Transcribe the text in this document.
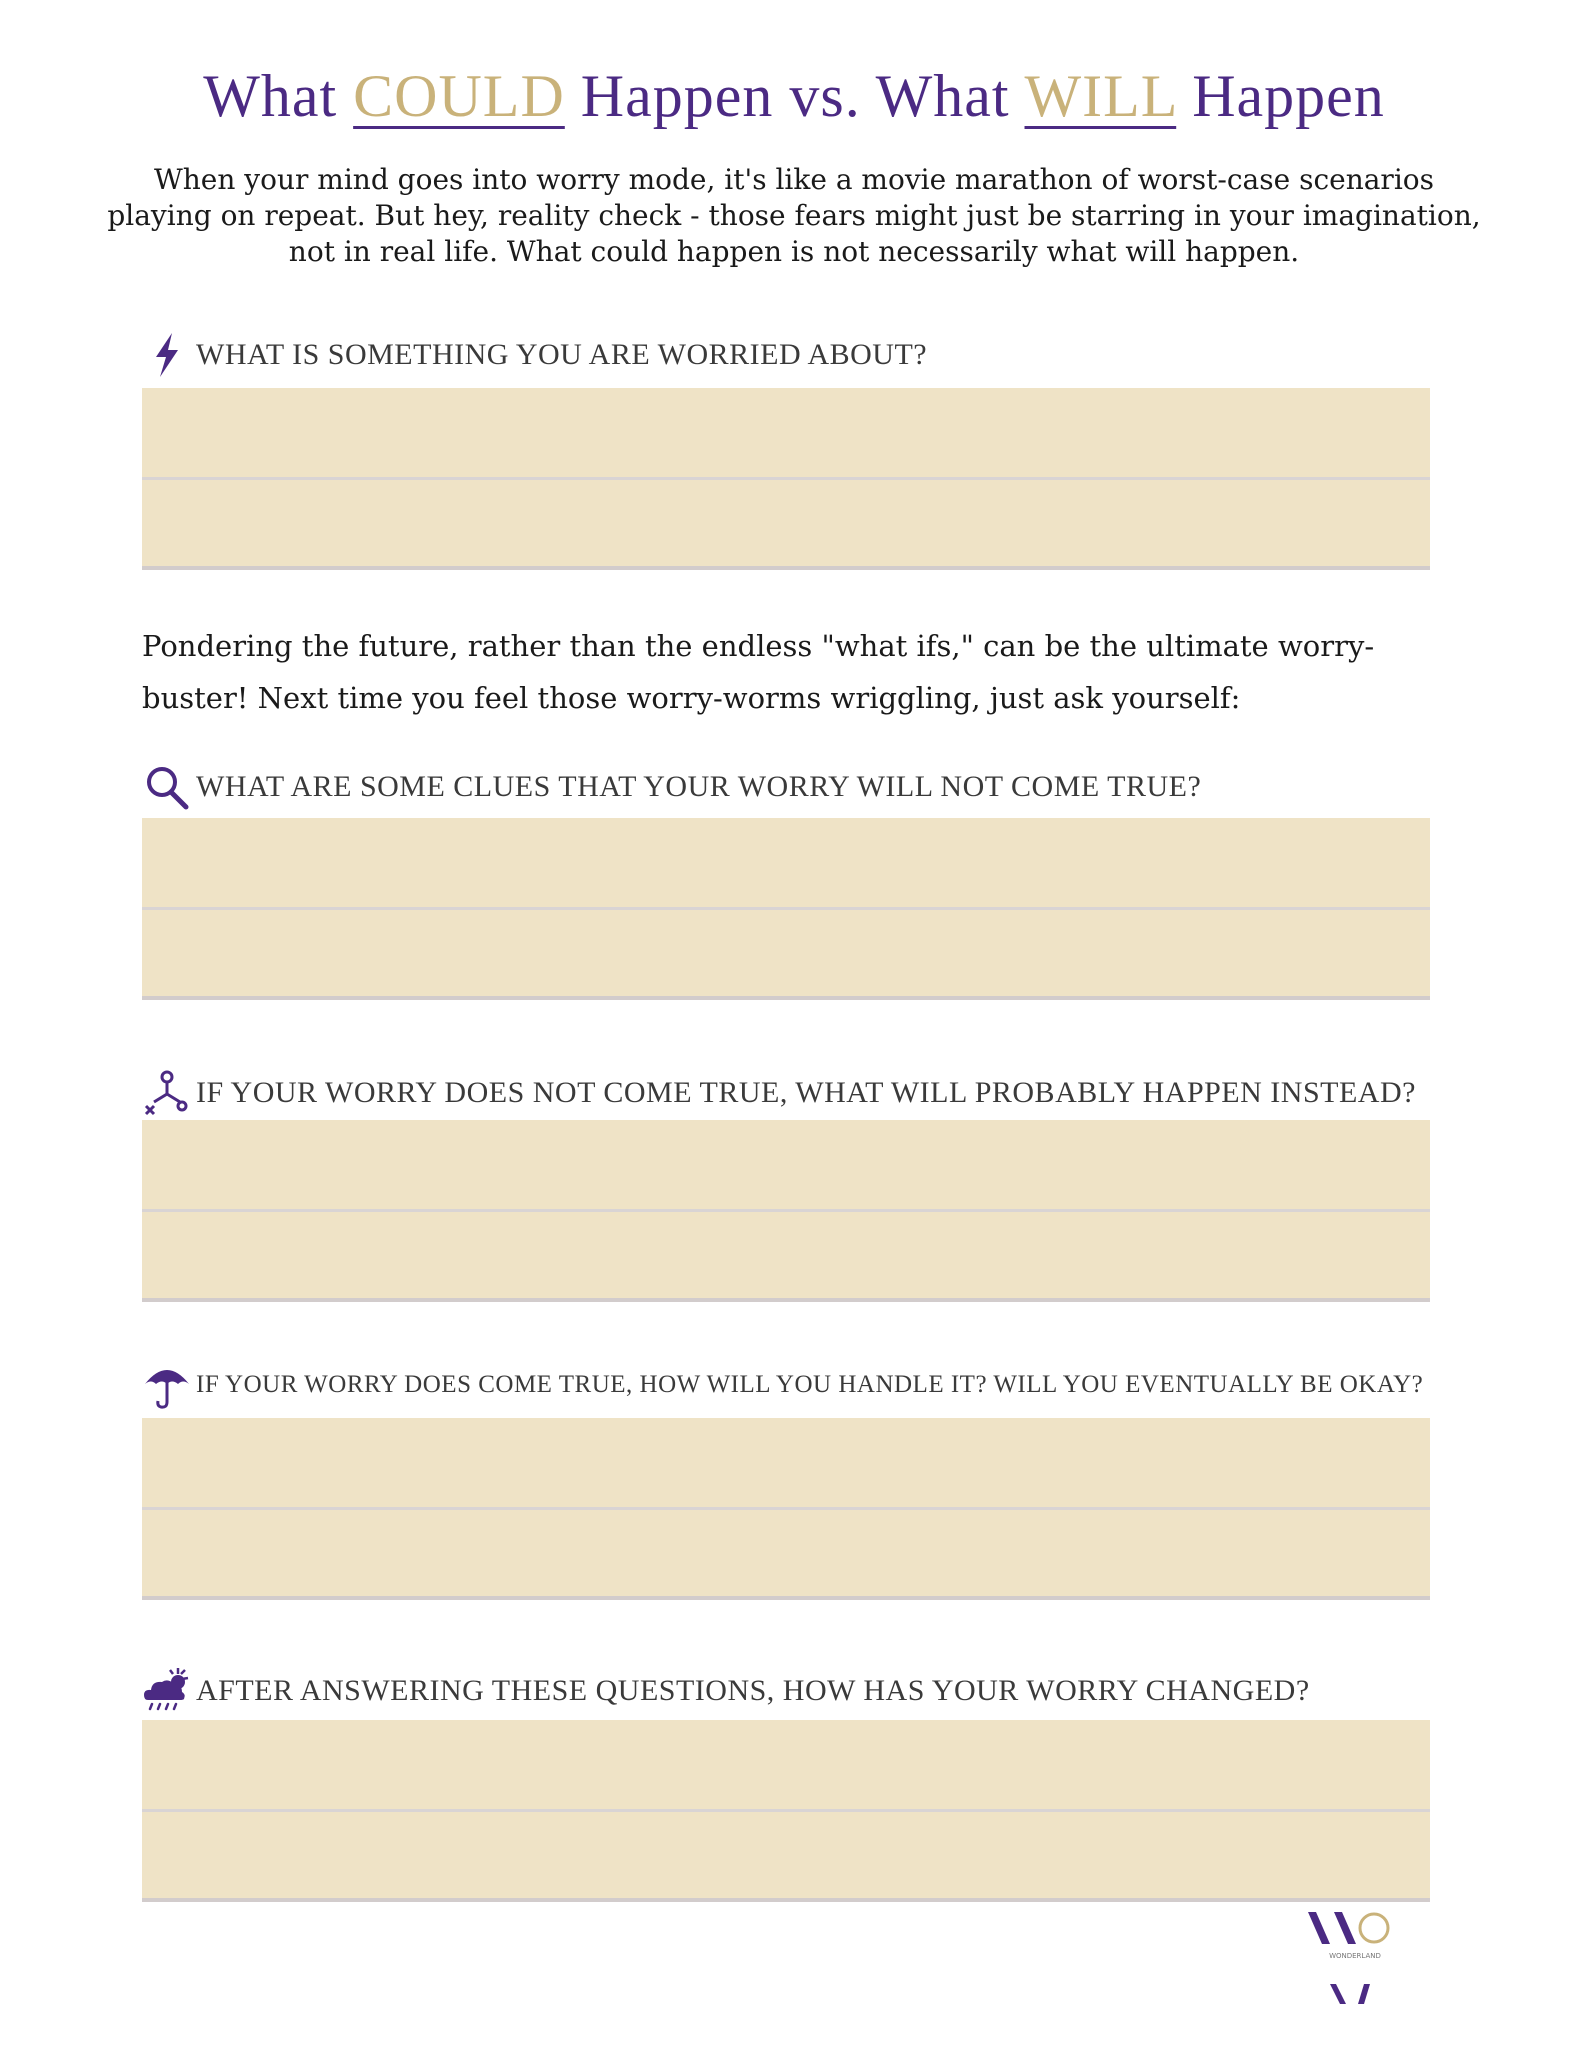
What COULD Happen vs. What WILL Happen
When your mind goes into worry mode, it's like a movie marathon of worst-case scenarios playing on repeat. But hey, reality check - those fears might just be starring in your imagination, not in real life. What could happen is not necessarily what will happen.
WHAT IS SOMETHING YOU ARE WORRIED ABOUT?
Pondering the future, rather than the endless "what ifs," can be the ultimate worry-buster! Next time you feel those worry-worms wriggling, just ask yourself:
WHAT ARE SOME CLUES THAT YOUR WORRY WILL NOT COME TRUE?
IF YOUR WORRY DOES NOT COME TRUE, WHAT WILL PROBABLY HAPPEN INSTEAD?
IF YOUR WORRY DOES COME TRUE, HOW WILL YOU HANDLE IT? WILL YOU EVENTUALLY BE OKAY?
AFTER ANSWERING THESE QUESTIONS, HOW HAS YOUR WORRY CHANGED?
WONDERLAND
